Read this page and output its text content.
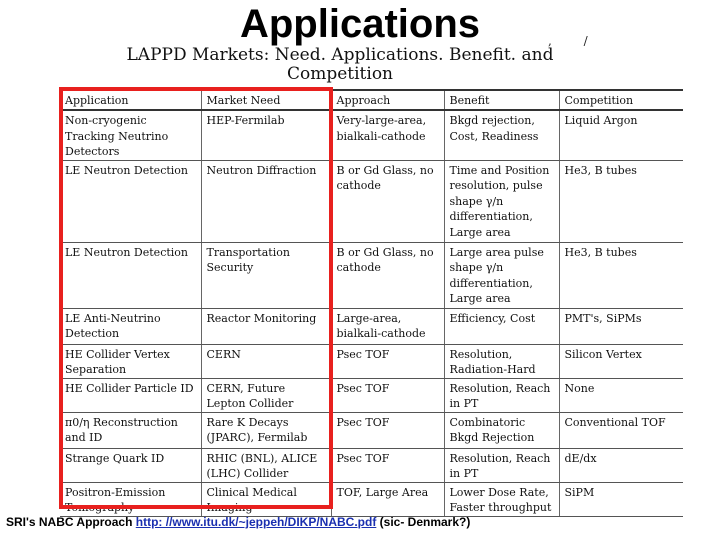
Applications	, /
LAPPD Markets: Need. Applications. Benefit. and
Competition
Application	Market Need	Approach	Benefit	Competition
Non-cryogenic Tracking Neutrino Detectors	HEP-Fermilab	Very-large-area, bialkali-cathode	Bkgd rejection, Cost, Readiness	Liquid Argon
LE Neutron Detection	Neutron Diffraction	B or Gd Glass, no cathode	Time and Position resolution, pulse shape γ/n differentiation, Large area	He3, B tubes
LE Neutron Detection	Transportation Security	B or Gd Glass, no cathode	Large area pulse shape γ/n differentiation, Large area	He3, B tubes
LE Anti-Neutrino Detection	Reactor Monitoring	Large-area, bialkali-cathode	Efficiency, Cost	PMT's, SiPMs
HE Collider Vertex Separation	CERN	Psec TOF	Resolution, Radiation-Hard	Silicon Vertex
HE Collider Particle ID	CERN, Future Lepton Collider	Psec TOF	Resolution, Reach in PT	None
π0/η Reconstruction and ID	Rare K Decays (JPARC), Fermilab	Psec TOF	Combinatoric Bkgd Rejection	Conventional TOF
Strange Quark ID	RHIC (BNL), ALICE (LHC) Collider	Psec TOF	Resolution, Reach in PT	dE/dx
Positron-Emission Tomography	Clinical Medical Imaging	TOF, Large Area	Lower Dose Rate, Faster throughput	SiPM
SRI's NABC Approach http: //www.itu.dk/~jeppeh/DIKP/NABC.pdf (sic- Denmark?)
